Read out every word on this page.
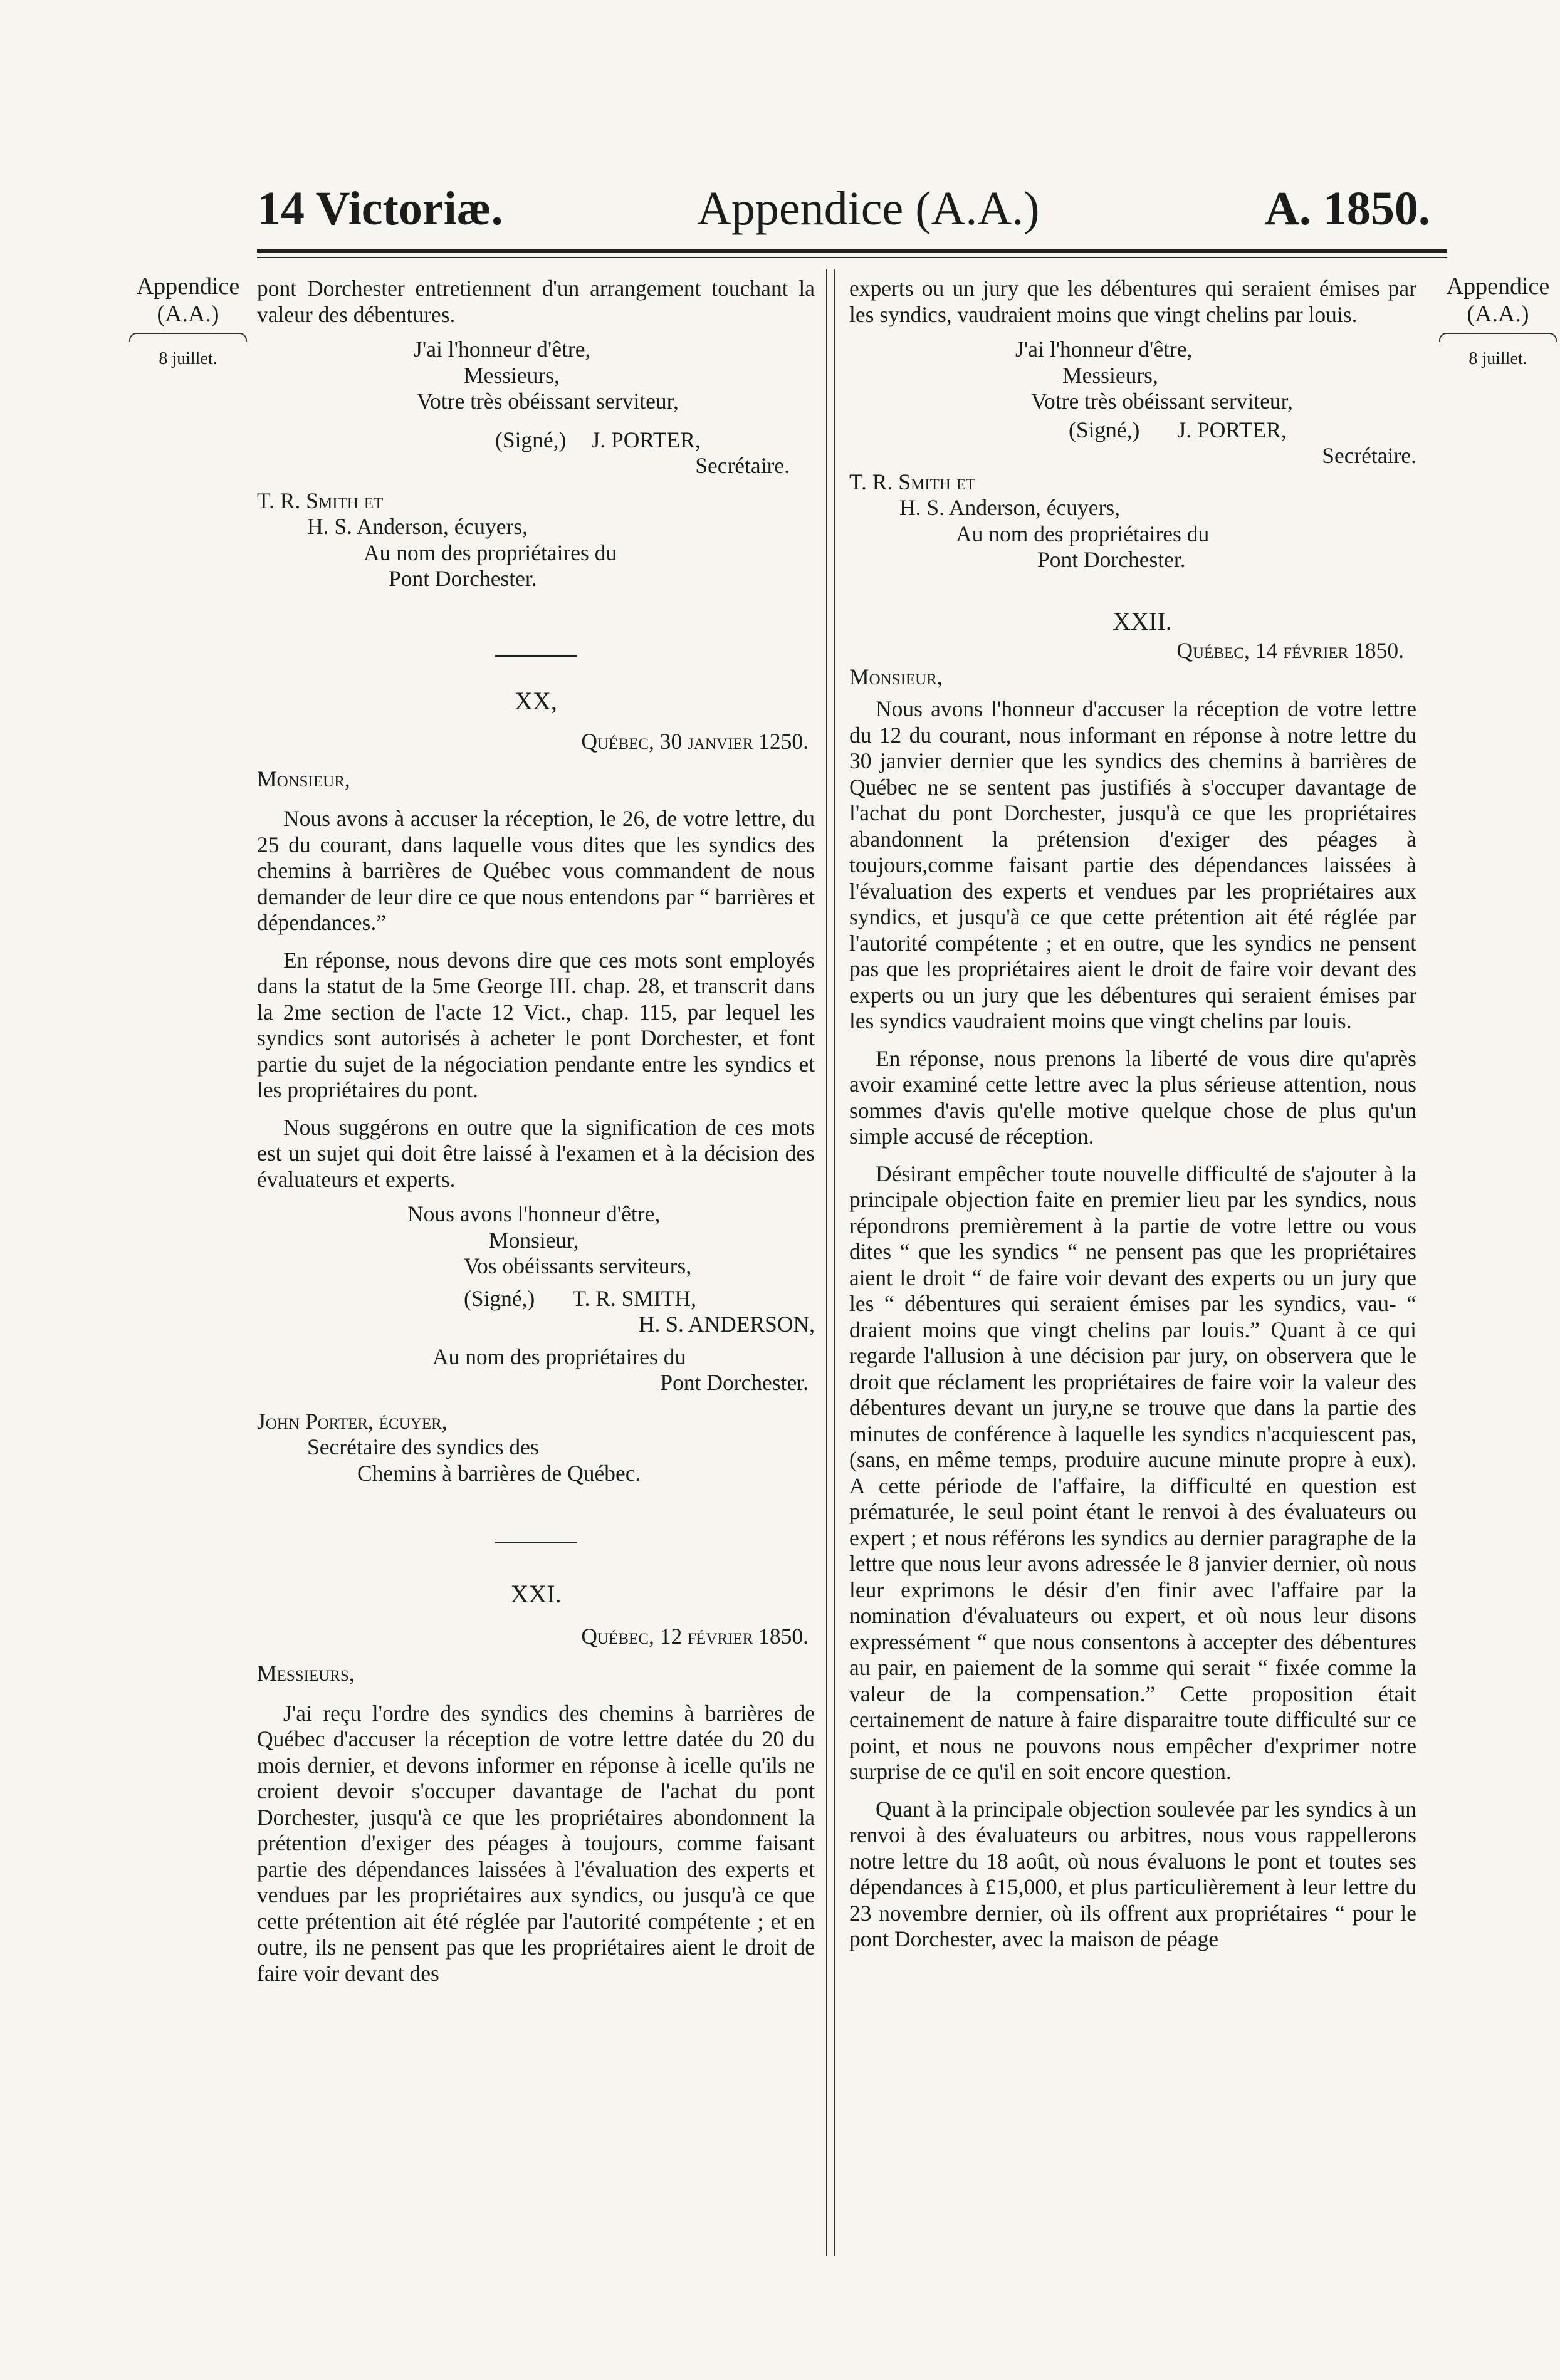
14 Victoriæ.	Appendice (A.A.)	A. 1850.
Appendice
(A.A.)
8 juillet.
Appendice
(A.A.)
8 juillet.

pont Dorchester entretiennent d'un arrangement touchant la valeur des débentures.

J'ai l'honneur d'être,

Messieurs,

Votre très obéissant serviteur,

(Signé,) J. PORTER,

Secrétaire.

T. R. Smith et

H. S. Anderson, écuyers,

Au nom des propriétaires du

Pont Dorchester.

XX,

Québec, 30 janvier 1250.

Monsieur,

Nous avons à accuser la réception, le 26, de votre lettre, du 25 du courant, dans laquelle vous dites que les syndics des chemins à barrières de Québec vous commandent de nous demander de leur dire ce que nous entendons par “ barrières et dépendances.”

En réponse, nous devons dire que ces mots sont employés dans la statut de la 5me George III. chap. 28, et transcrit dans la 2me section de l'acte 12 Vict., chap. 115, par lequel les syndics sont autorisés à acheter le pont Dorchester, et font partie du sujet de la négociation pendante entre les syndics et les propriétaires du pont.

Nous suggérons en outre que la signification de ces mots est un sujet qui doit être laissé à l'examen et à la décision des évaluateurs et experts.

Nous avons l'honneur d'être,

Monsieur,

Vos obéissants serviteurs,

(Signé,) T. R. SMITH,

H. S. ANDERSON,

Au nom des propriétaires du

Pont Dorchester.

John Porter, écuyer,

Secrétaire des syndics des

Chemins à barrières de Québec.

XXI.

Québec, 12 février 1850.

Messieurs,

J'ai reçu l'ordre des syndics des chemins à barrières de Québec d'accuser la réception de votre lettre datée du 20 du mois dernier, et devons informer en réponse à icelle qu'ils ne croient devoir s'occuper davantage de l'achat du pont Dorchester, jusqu'à ce que les propriétaires abondonnent la prétention d'exiger des péages à toujours, comme faisant partie des dépendances laissées à l'évaluation des experts et vendues par les propriétaires aux syndics, ou jusqu'à ce que cette prétention ait été réglée par l'autorité compétente ; et en outre, ils ne pensent pas que les propriétaires aient le droit de faire voir devant des

experts ou un jury que les débentures qui seraient émises par les syndics, vaudraient moins que vingt chelins par louis.

J'ai l'honneur d'être,

Messieurs,

Votre très obéissant serviteur,

(Signé,) J. PORTER,

Secrétaire.

T. R. Smith et

H. S. Anderson, écuyers,

Au nom des propriétaires du

Pont Dorchester.

XXII.

Québec, 14 février 1850.

Monsieur,

Nous avons l'honneur d'accuser la réception de votre lettre du 12 du courant, nous informant en réponse à notre lettre du 30 janvier dernier que les syndics des chemins à barrières de Québec ne se sentent pas justifiés à s'occuper davantage de l'achat du pont Dorchester, jusqu'à ce que les propriétaires abandonnent la prétension d'exiger des péages à toujours,comme faisant partie des dépendances laissées à l'évaluation des experts et vendues par les propriétaires aux syndics, et jusqu'à ce que cette prétention ait été réglée par l'autorité compétente ; et en outre, que les syndics ne pensent pas que les propriétaires aient le droit de faire voir devant des experts ou un jury que les débentures qui seraient émises par les syndics vaudraient moins que vingt chelins par louis.

En réponse, nous prenons la liberté de vous dire qu'après avoir examiné cette lettre avec la plus sérieuse attention, nous sommes d'avis qu'elle motive quelque chose de plus qu'un simple accusé de réception.

Désirant empêcher toute nouvelle difficulté de s'ajouter à la principale objection faite en premier lieu par les syndics, nous répondrons premièrement à la partie de votre lettre ou vous dites “ que les syndics “ ne pensent pas que les propriétaires aient le droit “ de faire voir devant des experts ou un jury que les “ débentures qui seraient émises par les syndics, vau- “ draient moins que vingt chelins par louis.” Quant à ce qui regarde l'allusion à une décision par jury, on observera que le droit que réclament les propriétaires de faire voir la valeur des débentures devant un jury,ne se trouve que dans la partie des minutes de conférence à laquelle les syndics n'acquiescent pas, (sans, en même temps, produire aucune minute propre à eux). A cette période de l'affaire, la difficulté en question est prématurée, le seul point étant le renvoi à des évaluateurs ou expert ; et nous référons les syndics au dernier paragraphe de la lettre que nous leur avons adressée le 8 janvier dernier, où nous leur exprimons le désir d'en finir avec l'affaire par la nomination d'évaluateurs ou expert, et où nous leur disons expressément “ que nous consentons à accepter des débentures au pair, en paiement de la somme qui serait “ fixée comme la valeur de la compensation.” Cette proposition était certainement de nature à faire disparaitre toute difficulté sur ce point, et nous ne pouvons nous empêcher d'exprimer notre surprise de ce qu'il en soit encore question.

Quant à la principale objection soulevée par les syndics à un renvoi à des évaluateurs ou arbitres, nous vous rappellerons notre lettre du 18 août, où nous évaluons le pont et toutes ses dépendances à £15,000, et plus particulièrement à leur lettre du 23 novembre dernier, où ils offrent aux propriétaires “ pour le pont Dorchester, avec la maison de péage
